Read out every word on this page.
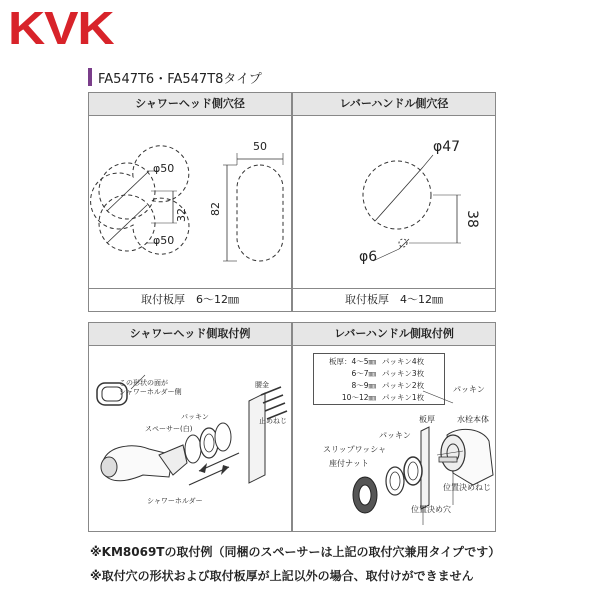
KVK
FA547T6・FA547T8タイプ
シャワーヘッド側穴径
φ50
φ50
32
50
82
取付板厚　6〜12㎜
レバーハンドル側穴径
φ47
φ6
38
取付板厚　4〜12㎜
シャワーヘッド側取付例
この形状の面が
シャワーホルダー側
パッキン
スペーサー(白)
腰金
止めねじ
シャワーホルダー
レバーハンドル側取付例
板厚：4〜5㎜ パッキン4枚
6〜7㎜ パッキン3枚
8〜9㎜ パッキン2枚
10〜12㎜ パッキン1枚
パッキン
板厚	水栓本体
パッキン
スリップワッシャ
座付ナット
位置決めねじ
位置決め穴
※KM8069Tの取付例（同梱のスペーサーは上記の取付穴兼用タイプです）
※取付穴の形状および取付板厚が上記以外の場合、取付けができません
